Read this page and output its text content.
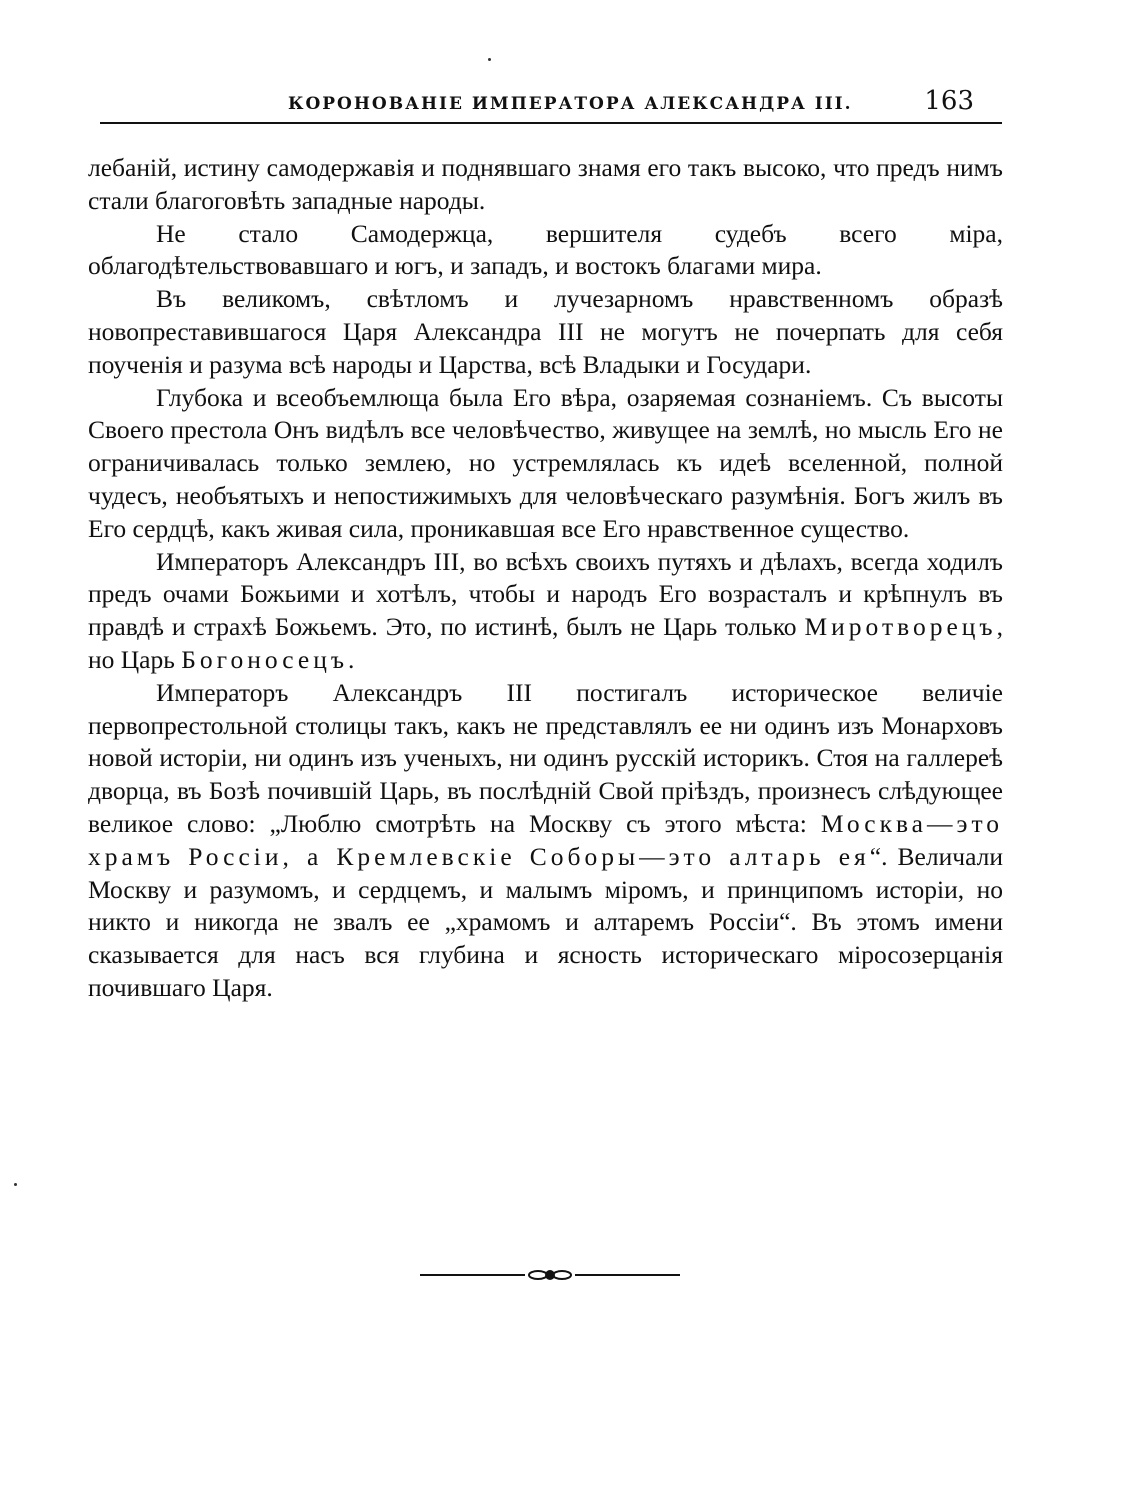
КОРОНОВАНІЕ ИМПЕРАТОРА АЛЕКСАНДРА III.	163

лебаній, истину самодержавія и поднявшаго знамя его такъ высоко, что предъ нимъ стали благоговѣть западные народы.

Не стало Самодержца, вершителя судебъ всего міра, облагодѣтельствовавшаго и югъ, и западъ, и востокъ благами мира.

Въ великомъ, свѣтломъ и лучезарномъ нравственномъ образѣ новопреставившагося Царя Александра III не могутъ не почерпать для себя поученія и разума всѣ народы и Царства, всѣ Владыки и Государи.

Глубока и всеобъемлюща была Его вѣра, озаряемая сознаніемъ. Съ высоты Своего престола Онъ видѣлъ все человѣчество, живущее на землѣ, но мысль Его не ограничивалась только землею, но устремлялась къ идеѣ вселенной, полной чудесъ, необъятыхъ и непостижимыхъ для человѣческаго разумѣнія. Богъ жилъ въ Его сердцѣ, какъ живая сила, проникавшая все Его нравственное существо.

Императоръ Александръ III, во всѣхъ своихъ путяхъ и дѣлахъ, всегда ходилъ предъ очами Божьими и хотѣлъ, чтобы и народъ Его возрасталъ и крѣпнулъ въ правдѣ и страхѣ Божьемъ. Это, по истинѣ, былъ не Царь только Миротворецъ, но Царь Богоносецъ.

Императоръ Александръ III постигалъ историческое величіе первопрестольной столицы такъ, какъ не представлялъ ее ни одинъ изъ Монарховъ новой исторіи, ни одинъ изъ ученыхъ, ни одинъ русскій историкъ. Стоя на галлереѣ дворца, въ Бозѣ почившій Царь, въ послѣдній Свой пріѣздъ, произнесъ слѣдующее великое слово: „Люблю смотрѣть на Москву съ этого мѣста: Москва—это храмъ Россіи, а Кремлевскіе Соборы—это алтарь ея“. Величали Москву и разумомъ, и сердцемъ, и малымъ міромъ, и принципомъ исторіи, но никто и никогда не звалъ ее „храмомъ и алтаремъ Россіи“. Въ этомъ имени сказывается для насъ вся глубина и ясность историческаго міросозерцанія почившаго Царя.
